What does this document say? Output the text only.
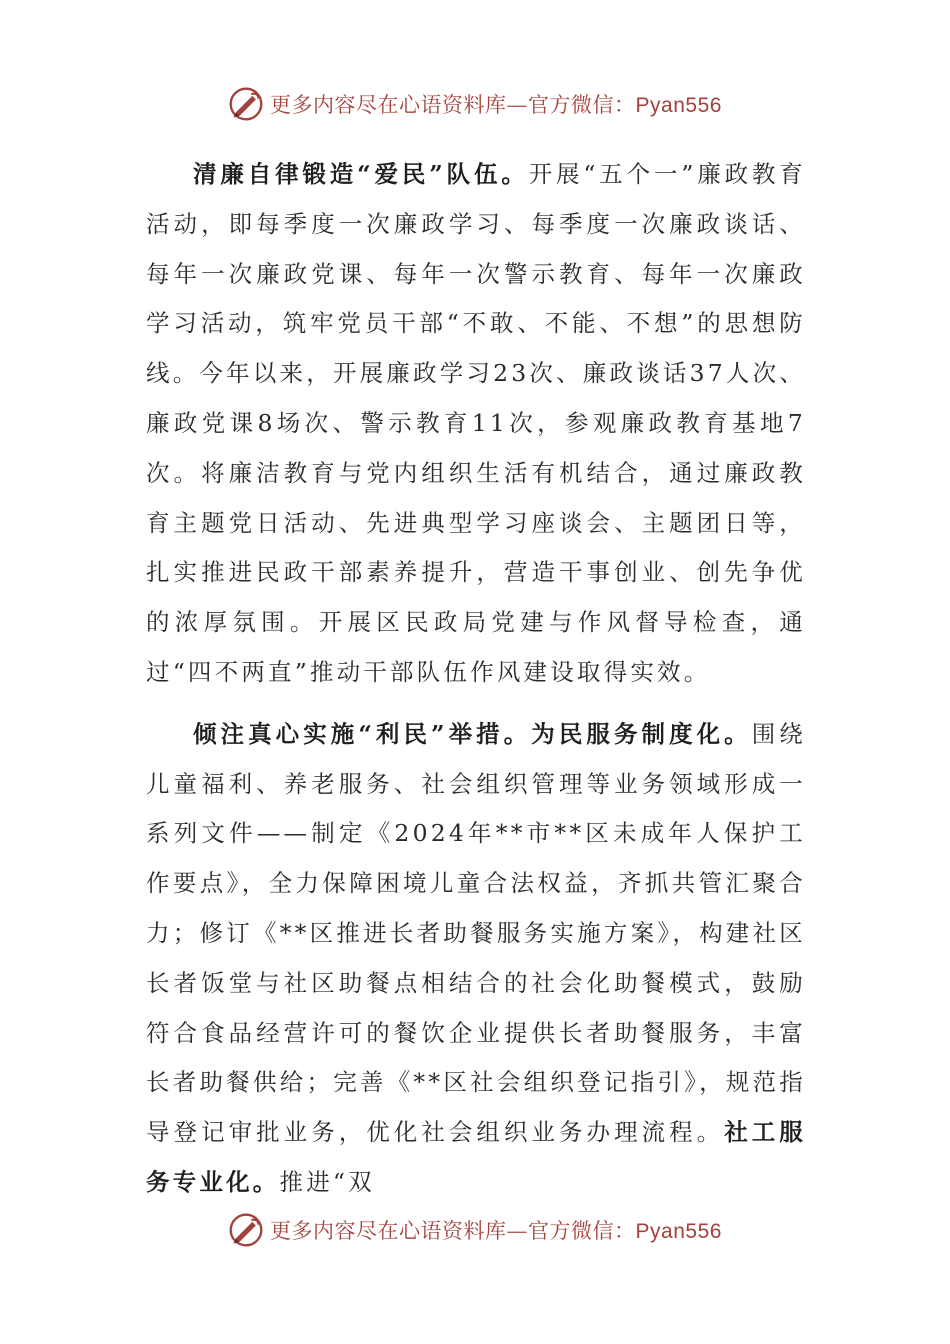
更多内容尽在心语资料库—官方微信：Pyan556

清廉自律锻造“爱民”队伍。开展“五个一”廉政教育活动，即每季度一次廉政学习、每季度一次廉政谈话、每年一次廉政党课、每年一次警示教育、每年一次廉政学习活动，筑牢党员干部“不敢、不能、不想”的思想防线。今年以来，开展廉政学习23次、廉政谈话37人次、廉政党课8场次、警示教育11次，参观廉政教育基地7次。将廉洁教育与党内组织生活有机结合，通过廉政教育主题党日活动、先进典型学习座谈会、主题团日等，扎实推进民政干部素养提升，营造干事创业、创先争优的浓厚氛围。开展区民政局党建与作风督导检查，通过“四不两直”推动干部队伍作风建设取得实效。

倾注真心实施“利民”举措。为民服务制度化。围绕儿童福利、养老服务、社会组织管理等业务领域形成一系列文件——制定《2024年**市**区未成年人保护工作要点》，全力保障困境儿童合法权益，齐抓共管汇聚合力；修订《**区推进长者助餐服务实施方案》，构建社区长者饭堂与社区助餐点相结合的社会化助餐模式，鼓励符合食品经营许可的餐饮企业提供长者助餐服务，丰富长者助餐供给；完善《**区社会组织登记指引》，规范指导登记审批业务，优化社会组织业务办理流程。社工服务专业化。推进“双

更多内容尽在心语资料库—官方微信：Pyan556
